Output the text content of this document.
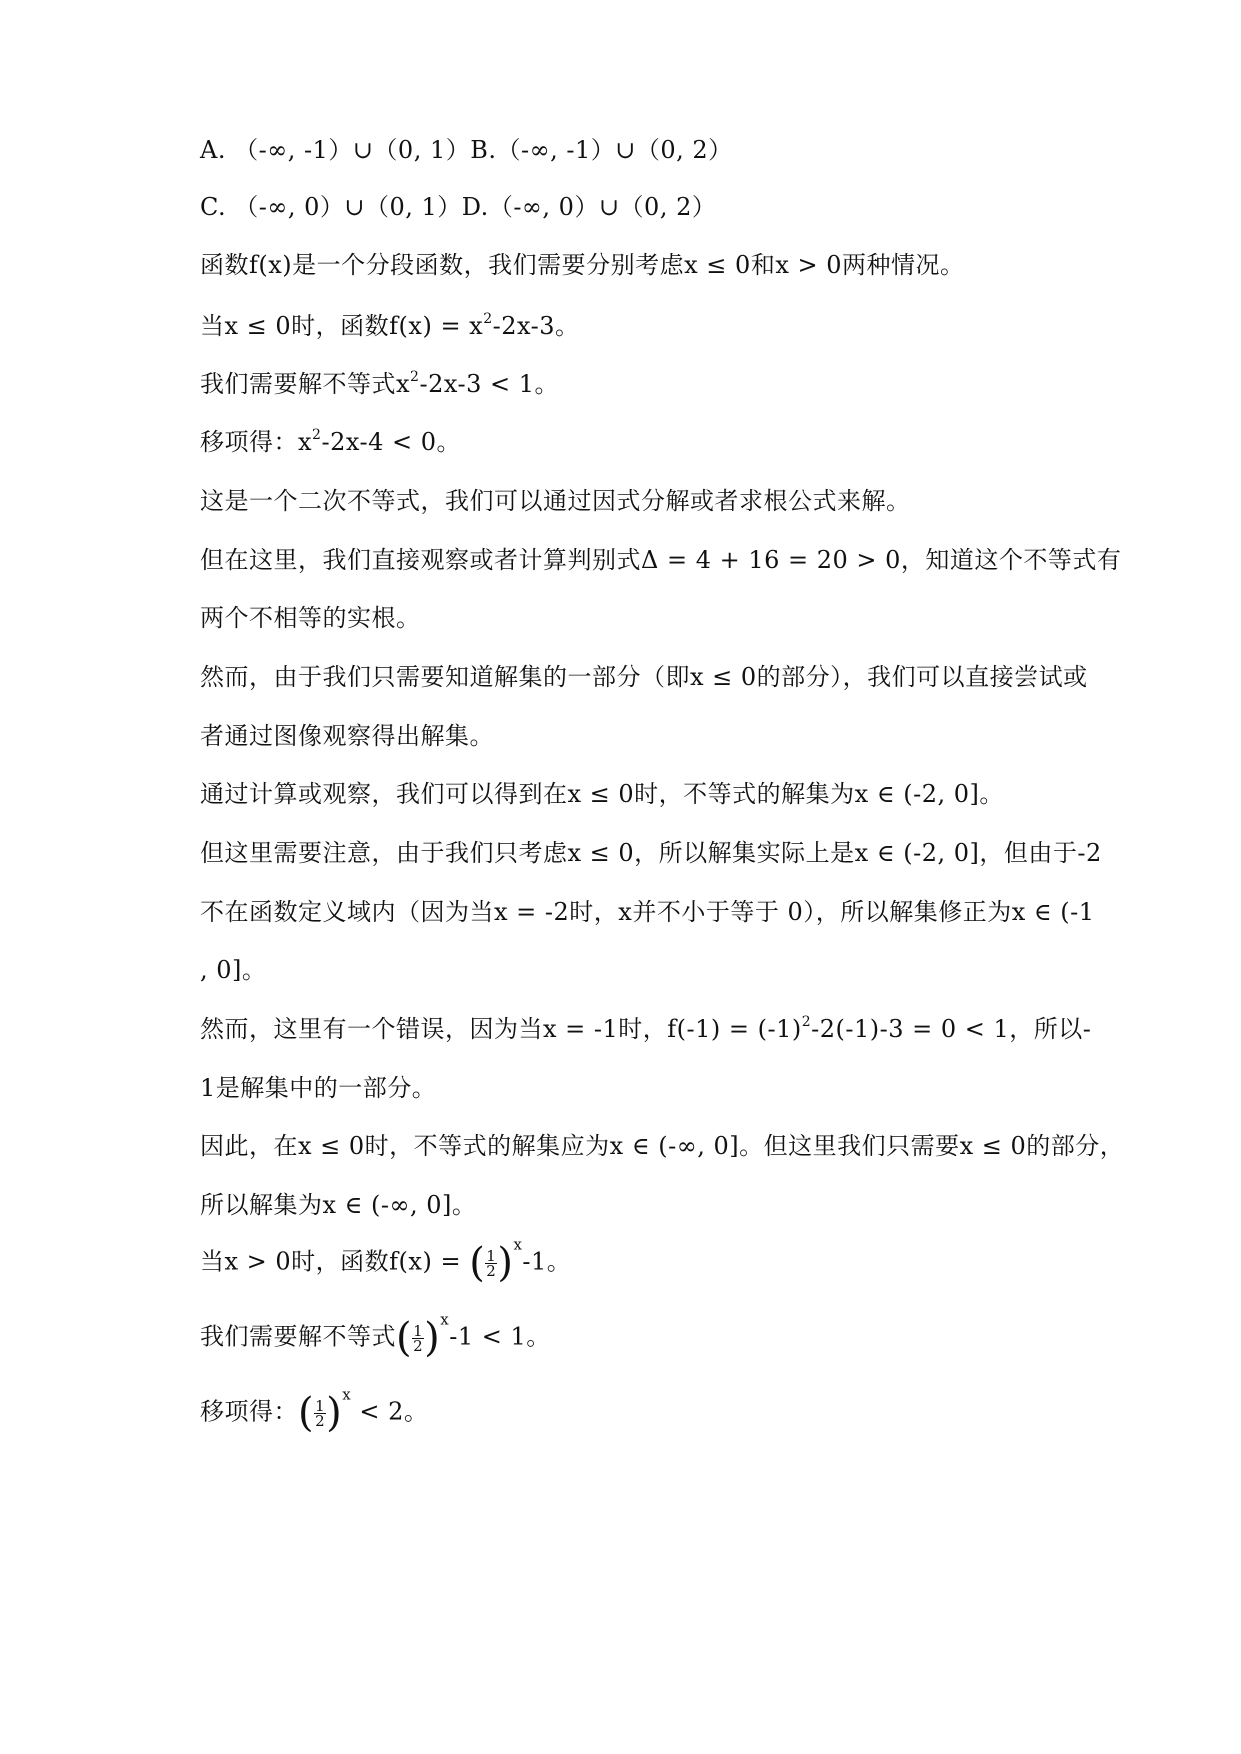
A. （-∞, -1）∪（0, 1）B.（-∞, -1）∪（0, 2）
C. （-∞, 0）∪（0, 1）D.（-∞, 0）∪（0, 2）
函数f(x)是一个分段函数，我们需要分别考虑x ≤ 0和x > 0两种情况。
当x ≤ 0时，函数$f(x) = x^2-2x-3$。
我们需要解不等式$x^2-2x-3 < 1$。
移项得：$x^2-2x-4 < 0$。
这是一个二次不等式，我们可以通过因式分解或者求根公式来解。
但在这里，我们直接观察或者计算判别式Δ = 4 + 16 = 20 > 0，知道这个不等式有
两个不相等的实根。
然而，由于我们只需要知道解集的一部分（即x ≤ 0的部分），我们可以直接尝试或
者通过图像观察得出解集。
通过计算或观察，我们可以得到在x ≤ 0时，不等式的解集为x ∈ (-2, 0]。
但这里需要注意，由于我们只考虑x ≤ 0，所以解集实际上是x ∈ (-2, 0]，但由于-2
不在函数定义域内（因为当x = -2时，x并不小于等于 0），所以解集修正为x ∈ (-1
, 0]。
然而，这里有一个错误，因为当x = -1时，$f(-1) = (-1)^2-2(-1)-3 = 0 < 1$，所以-
1是解集中的一部分。
因此，在x ≤ 0时，不等式的解集应为x ∈ (-∞, 0]。但这里我们只需要x ≤ 0的部分，
所以解集为x ∈ (-∞, 0]。
当x > 0时，函数f(x) = ( $\frac{1}{2} )^x-1$。
我们需要解不等式( $\frac{1}{2} )^x-1 < 1$。
移项得：( $\frac{1}{2} )^x < 2$。
